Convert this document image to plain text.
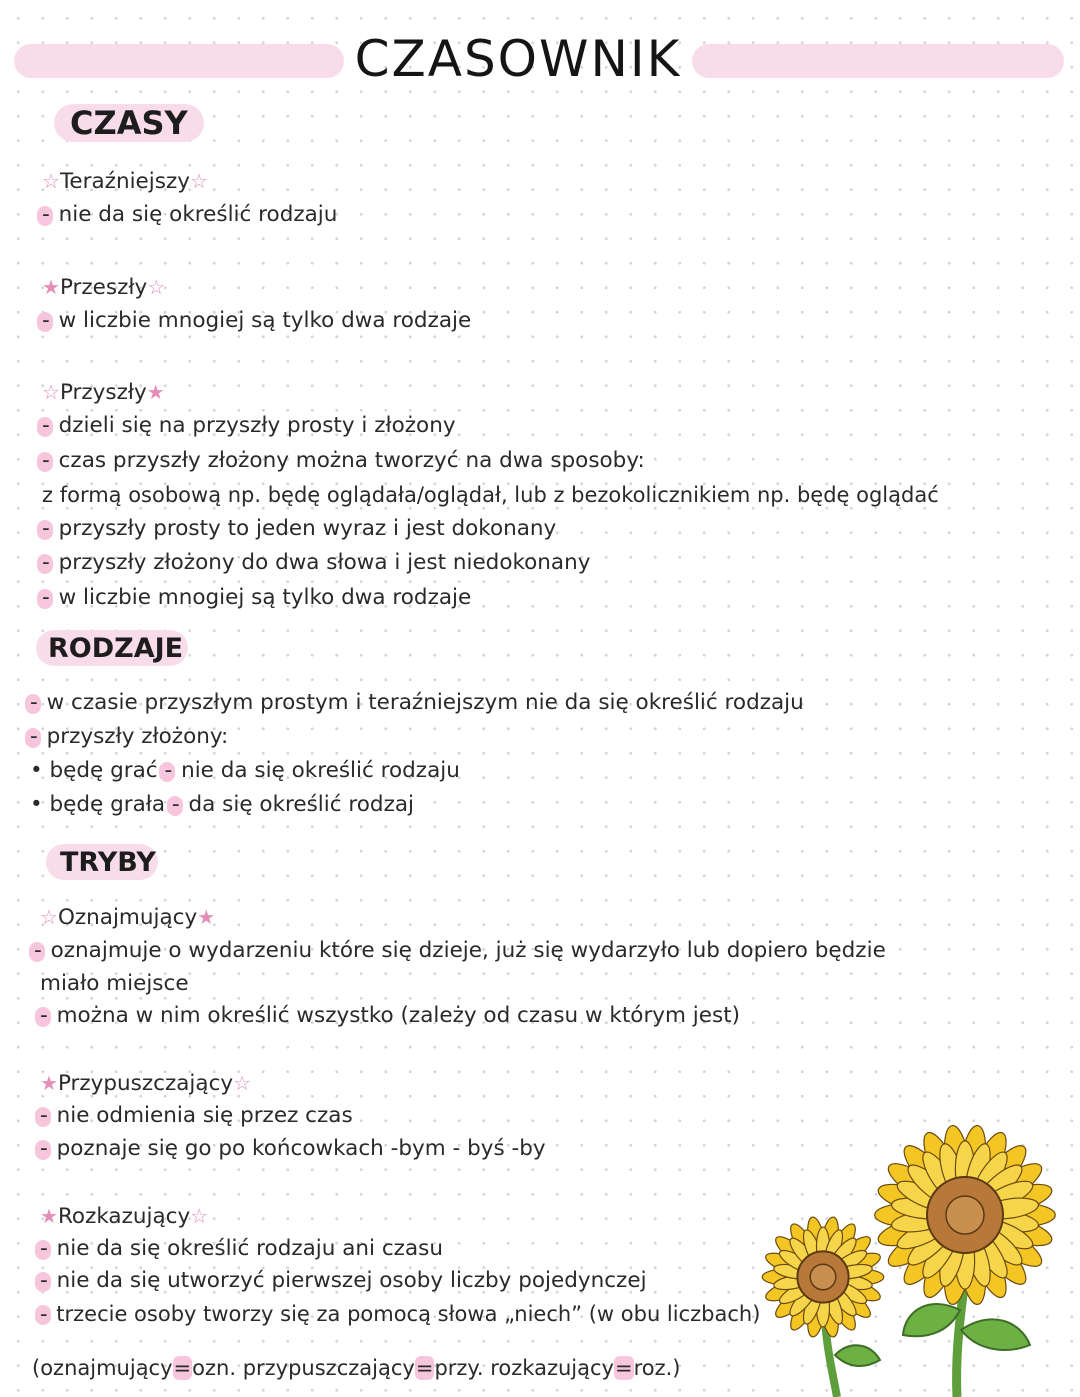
CZASOWNIK
CZASY
☆Teraźniejszy☆
- nie da się określić rodzaju
★Przeszły☆
- w liczbie mnogiej są tylko dwa rodzaje
☆Przyszły★
- dzieli się na przyszły prosty i złożony
- czas przyszły złożony można tworzyć na dwa sposoby:
z formą osobową np. będę oglądała/oglądał, lub z bezokolicznikiem np. będę oglądać
- przyszły prosty to jeden wyraz i jest dokonany
- przyszły złożony do dwa słowa i jest niedokonany
- w liczbie mnogiej są tylko dwa rodzaje
RODZAJE
- w czasie przyszłym prostym i teraźniejszym nie da się określić rodzaju
- przyszły złożony:
• będę grać - nie da się określić rodzaju
• będę grała - da się określić rodzaj
TRYBY
☆Oznajmujący★
- oznajmuje o wydarzeniu które się dzieje, już się wydarzyło lub dopiero będzie
miało miejsce
- można w nim określić wszystko (zależy od czasu w którym jest)
★Przypuszczający☆
- nie odmienia się przez czas
- poznaje się go po końcowkach -bym - byś -by
★Rozkazujący☆
- nie da się określić rodzaju ani czasu
- nie da się utworzyć pierwszej osoby liczby pojedynczej
- trzecie osoby tworzy się za pomocą słowa „niech” (w obu liczbach)
(oznajmujący=ozn. przypuszczający=przy. rozkazujący=roz.)
